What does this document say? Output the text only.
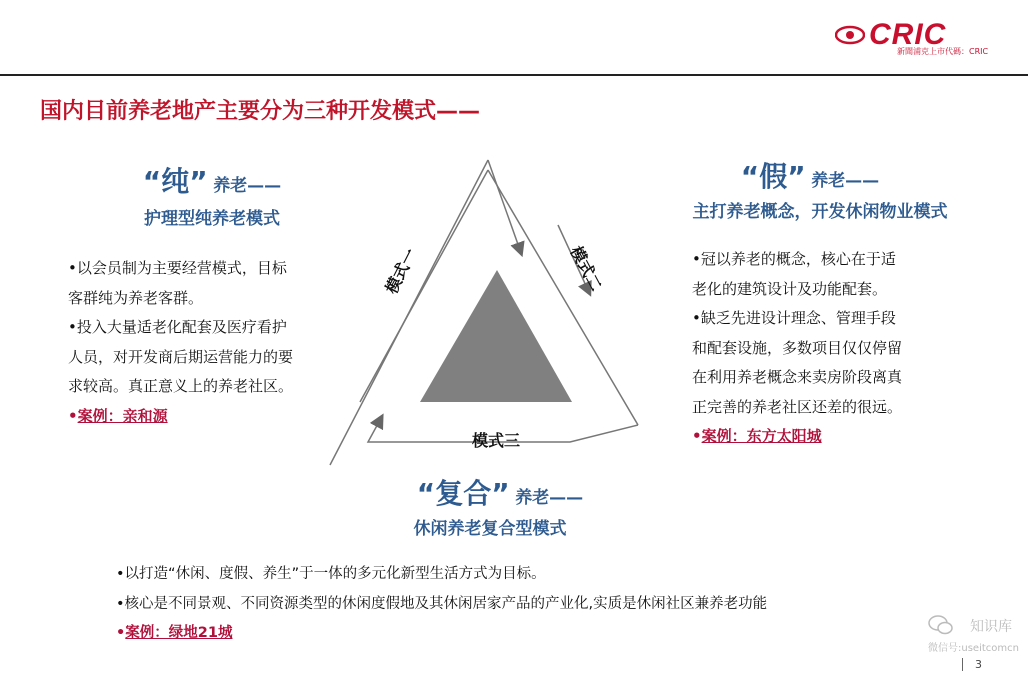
CRIC
新聞浦克上市代碼：CRIC
国内目前养老地产主要分为三种开发模式——
模式一	模式二
模式三
“纯” 养老——
护理型纯养老模式

•以会员制为主要经营模式，目标

客群纯为养老客群。

•投入大量适老化配套及医疗看护

人员，对开发商后期运营能力的要

求较高。真正意义上的养老社区。

•案例：亲和源

“假” 养老——
主打养老概念，开发休闲物业模式

•冠以养老的概念，核心在于适

老化的建筑设计及功能配套。

•缺乏先进设计理念、管理手段

和配套设施，多数项目仅仅停留

在利用养老概念来卖房阶段离真

正完善的养老社区还差的很远。

•案例：东方太阳城

“复合” 养老——
休闲养老复合型模式

•以打造“休闲、度假、养生”于一体的多元化新型生活方式为目标。

•核心是不同景观、不同资源类型的休闲度假地及其休闲居家产品的产业化,实质是休闲社区兼养老功能

•案例：绿地21城	知识库
微信号:useitcomcn
3
